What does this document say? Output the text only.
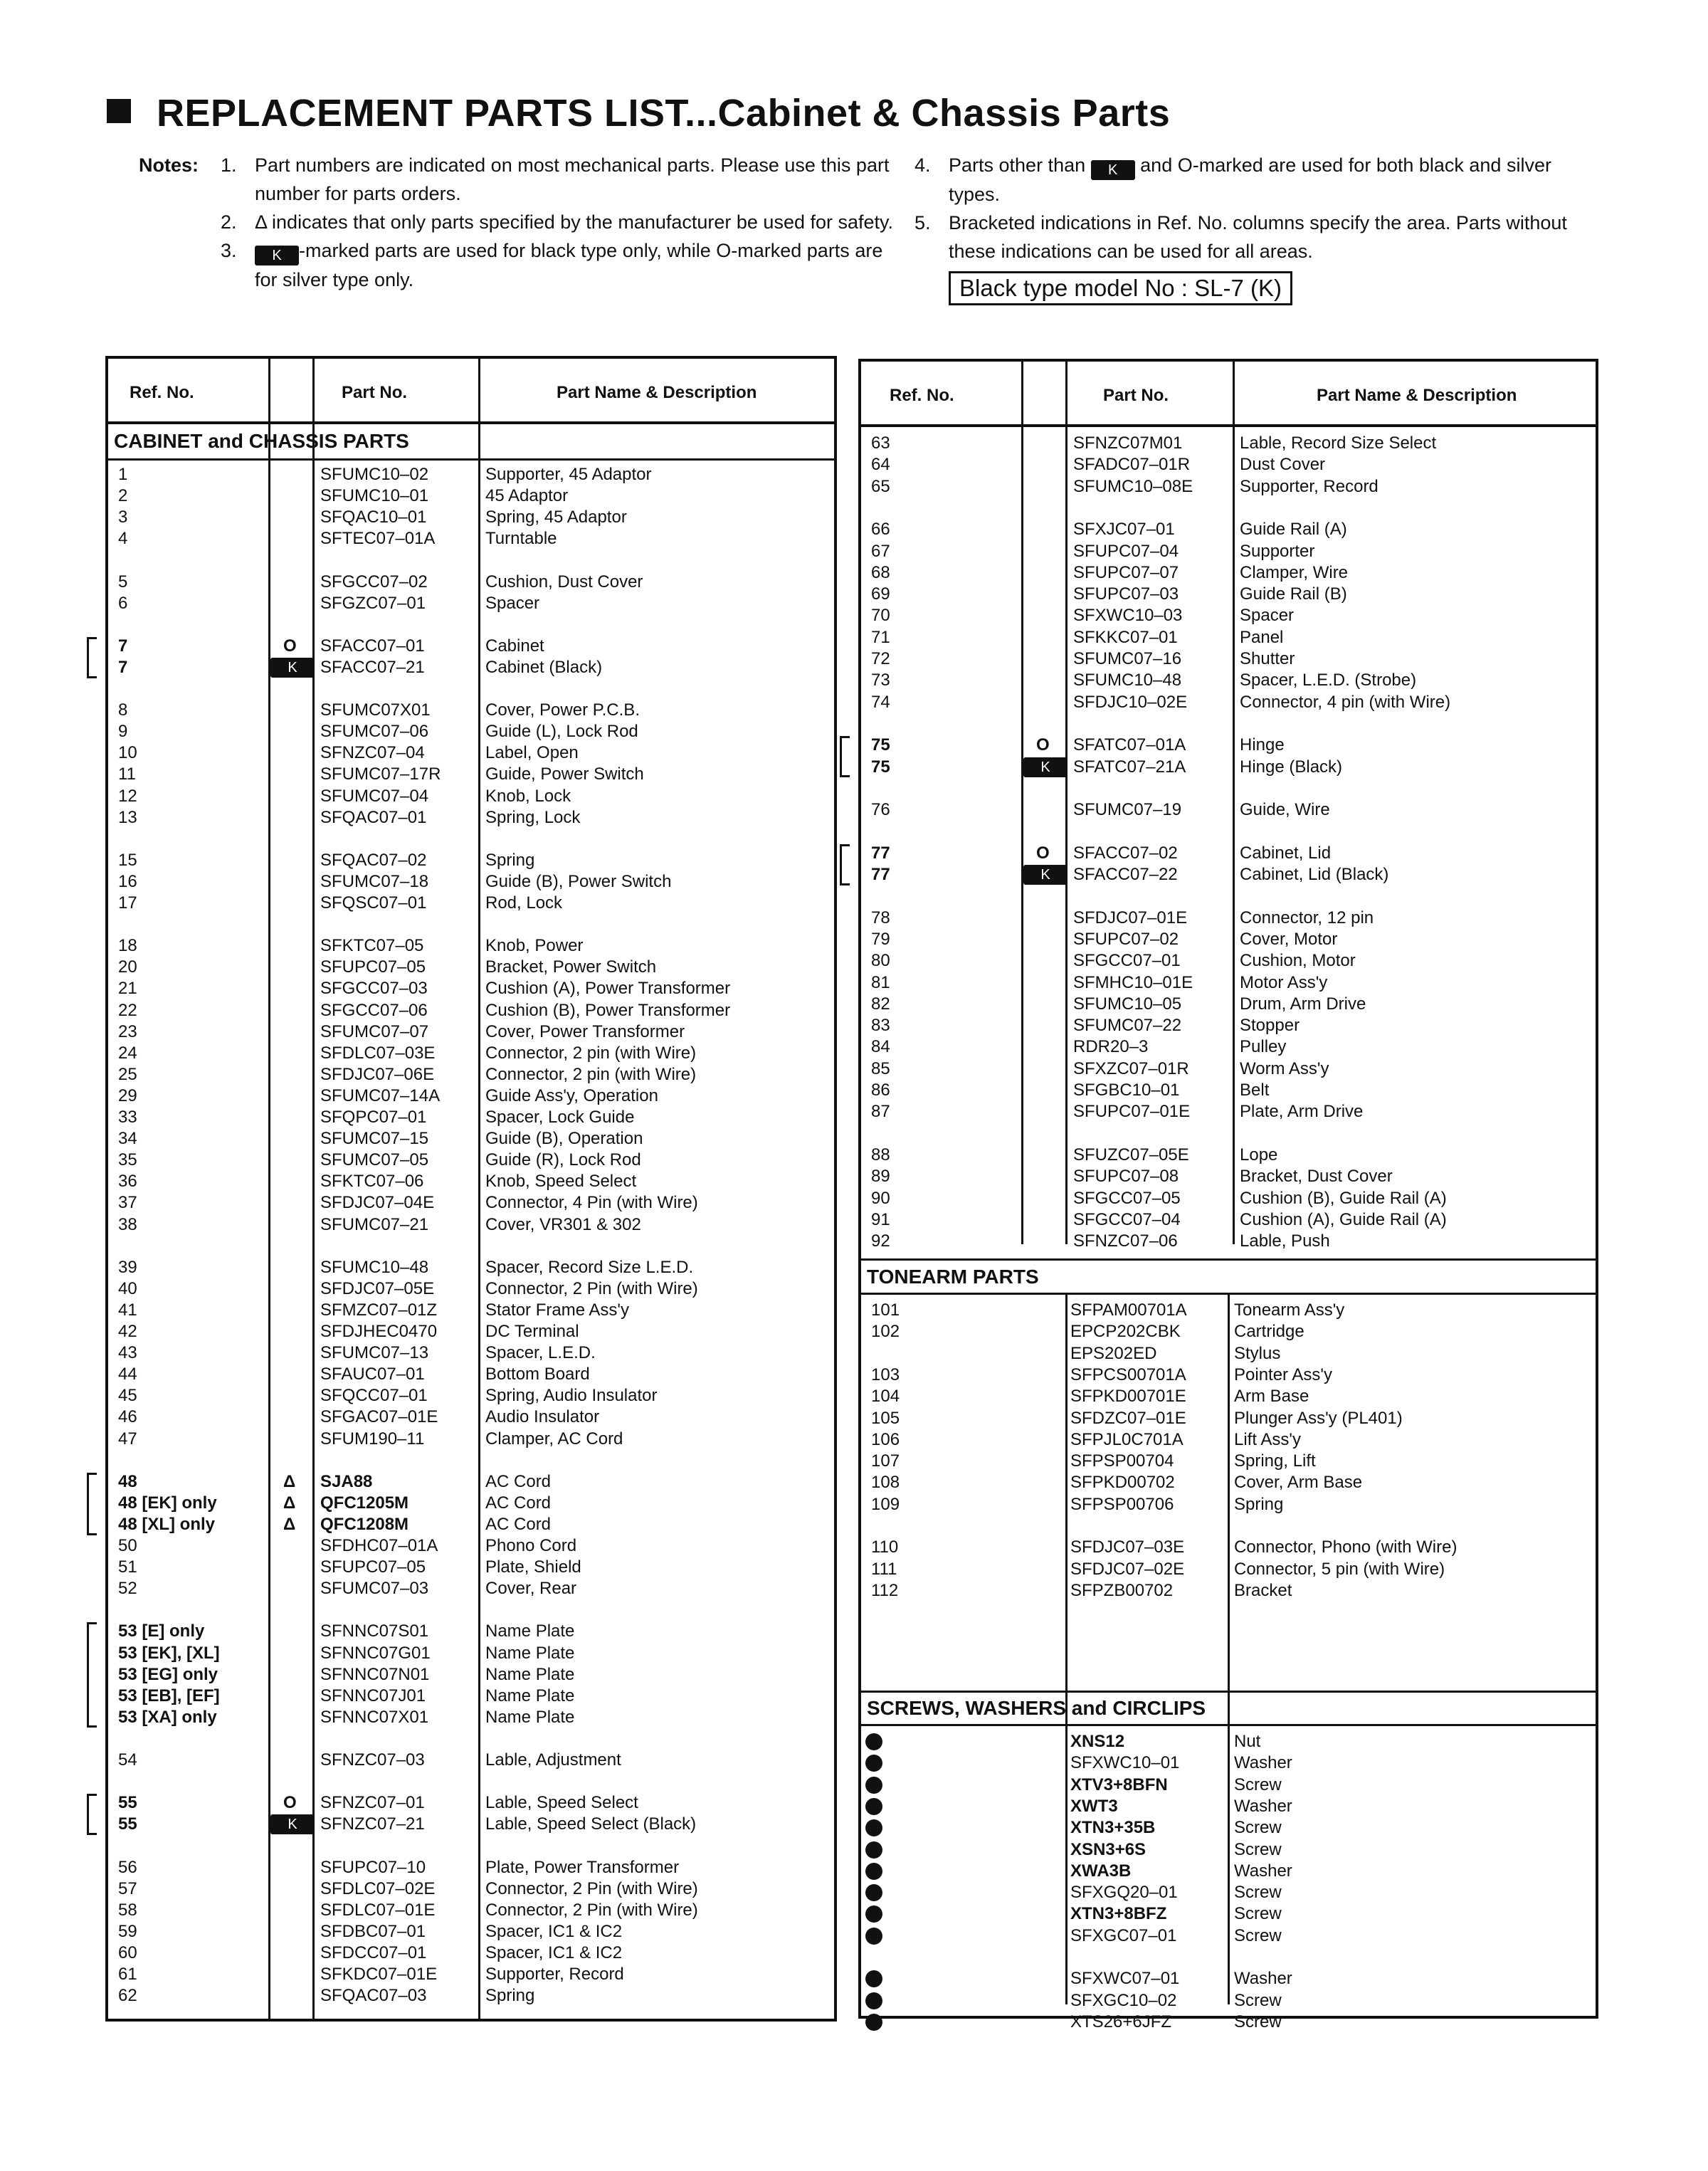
REPLACEMENT PARTS LIST...Cabinet & Chassis Parts
Notes: 1. Part numbers are indicated on most mechanical parts. Please use this part number for parts orders.
2. Δ indicates that only parts specified by the manufacturer be used for safety.
3. K -marked parts are used for black type only, while O-marked parts are for silver type only.
4. Parts other than K and O-marked are used for both black and silver types.
5. Bracketed indications in Ref. No. columns specify the area. Parts without these indications can be used for all areas.
Black type model No : SL-7 (K)
Ref. No.	Part No.	Part Name & Description
CABINET and CHASSIS PARTS
1	SFUMC10–02	Supporter, 45 Adaptor
2	SFUMC10–01	45 Adaptor
3	SFQAC10–01	Spring, 45 Adaptor
4	SFTEC07–01A	Turntable
5	SFGCC07–02	Cushion, Dust Cover
6	SFGZC07–01	Spacer
7	O SFACC07–01	Cabinet
7	K	SFACC07–21	Cabinet (Black)
8	SFUMC07X01	Cover, Power P.C.B.
9	SFUMC07–06	Guide (L), Lock Rod
10	SFNZC07–04	Label, Open
11	SFUMC07–17R	Guide, Power Switch
12	SFUMC07–04	Knob, Lock
13	SFQAC07–01	Spring, Lock
15	SFQAC07–02	Spring
16	SFUMC07–18	Guide (B), Power Switch
17	SFQSC07–01	Rod, Lock
18	SFKTC07–05	Knob, Power
20	SFUPC07–05	Bracket, Power Switch
21	SFGCC07–03	Cushion (A), Power Transformer
22	SFGCC07–06	Cushion (B), Power Transformer
23	SFUMC07–07	Cover, Power Transformer
24	SFDLC07–03E	Connector, 2 pin (with Wire)
25	SFDJC07–06E	Connector, 2 pin (with Wire)
29	SFUMC07–14A	Guide Ass'y, Operation
33	SFQPC07–01	Spacer, Lock Guide
34	SFUMC07–15	Guide (B), Operation
35	SFUMC07–05	Guide (R), Lock Rod
36	SFKTC07–06	Knob, Speed Select
37	SFDJC07–04E	Connector, 4 Pin (with Wire)
38	SFUMC07–21	Cover, VR301 & 302
39	SFUMC10–48	Spacer, Record Size L.E.D.
40	SFDJC07–05E	Connector, 2 Pin (with Wire)
41	SFMZC07–01Z	Stator Frame Ass'y
42	SFDJHEC0470	DC Terminal
43	SFUMC07–13	Spacer, L.E.D.
44	SFAUC07–01	Bottom Board
45	SFQCC07–01	Spring, Audio Insulator
46	SFGAC07–01E	Audio Insulator
47	SFUM190–11	Clamper, AC Cord
48	Δ SJA88	AC Cord
48 [EK] only	Δ QFC1205M	AC Cord
48 [XL] only	Δ QFC1208M	AC Cord
50	SFDHC07–01A	Phono Cord
51	SFUPC07–05	Plate, Shield
52	SFUMC07–03	Cover, Rear
53 [E] only	SFNNC07S01	Name Plate
53 [EK], [XL]	SFNNC07G01	Name Plate
53 [EG] only	SFNNC07N01	Name Plate
53 [EB], [EF]	SFNNC07J01	Name Plate
53 [XA] only	SFNNC07X01	Name Plate
54	SFNZC07–03	Lable, Adjustment
55	O SFNZC07–01	Lable, Speed Select
55	K	SFNZC07–21	Lable, Speed Select (Black)
56	SFUPC07–10	Plate, Power Transformer
57	SFDLC07–02E	Connector, 2 Pin (with Wire)
58	SFDLC07–01E	Connector, 2 Pin (with Wire)
59	SFDBC07–01	Spacer, IC1 & IC2
60	SFDCC07–01	Spacer, IC1 & IC2
61	SFKDC07–01E	Supporter, Record
62	SFQAC07–03	Spring
Ref. No.	Part No.	Part Name & Description
TONEARM PARTS
SCREWS, WASHERS and CIRCLIPS
63	SFNZC07M01	Lable, Record Size Select
64	SFADC07–01R	Dust Cover
65	SFUMC10–08E	Supporter, Record
66	SFXJC07–01	Guide Rail (A)
67	SFUPC07–04	Supporter
68	SFUPC07–07	Clamper, Wire
69	SFUPC07–03	Guide Rail (B)
70	SFXWC10–03	Spacer
71	SFKKC07–01	Panel
72	SFUMC07–16	Shutter
73	SFUMC10–48	Spacer, L.E.D. (Strobe)
74	SFDJC10–02E	Connector, 4 pin (with Wire)
75	O SFATC07–01A	Hinge
75	K	SFATC07–21A	Hinge (Black)
76	SFUMC07–19	Guide, Wire
77	O SFACC07–02	Cabinet, Lid
77	K	SFACC07–22	Cabinet, Lid (Black)
78	SFDJC07–01E	Connector, 12 pin
79	SFUPC07–02	Cover, Motor
80	SFGCC07–01	Cushion, Motor
81	SFMHC10–01E	Motor Ass'y
82	SFUMC10–05	Drum, Arm Drive
83	SFUMC07–22	Stopper
84	RDR20–3	Pulley
85	SFXZC07–01R	Worm Ass'y
86	SFGBC10–01	Belt
87	SFUPC07–01E	Plate, Arm Drive
88	SFUZC07–05E	Lope
89	SFUPC07–08	Bracket, Dust Cover
90	SFGCC07–05	Cushion (B), Guide Rail (A)
91	SFGCC07–04	Cushion (A), Guide Rail (A)
92	SFNZC07–06	Lable, Push
101	SFPAM00701A	Tonearm Ass'y
102	EPCP202CBK	Cartridge
EPS202ED	Stylus
103	SFPCS00701A	Pointer Ass'y
104	SFPKD00701E	Arm Base
105	SFDZC07–01E	Plunger Ass'y (PL401)
106	SFPJL0C701A	Lift Ass'y
107	SFPSP00704	Spring, Lift
108	SFPKD00702	Cover, Arm Base
109	SFPSP00706	Spring
110	SFDJC07–03E	Connector, Phono (with Wire)
111	SFDJC07–02E	Connector, 5 pin (with Wire)
112	SFPZB00702	Bracket
XNS12	Nut
SFXWC10–01	Washer
XTV3+8BFN	Screw
XWT3	Washer
XTN3+35B	Screw
XSN3+6S	Screw
XWA3B	Washer
SFXGQ20–01	Screw
XTN3+8BFZ	Screw
SFXGC07–01	Screw
SFXWC07–01	Washer
SFXGC10–02	Screw
XTS26+6JFZ	Screw
